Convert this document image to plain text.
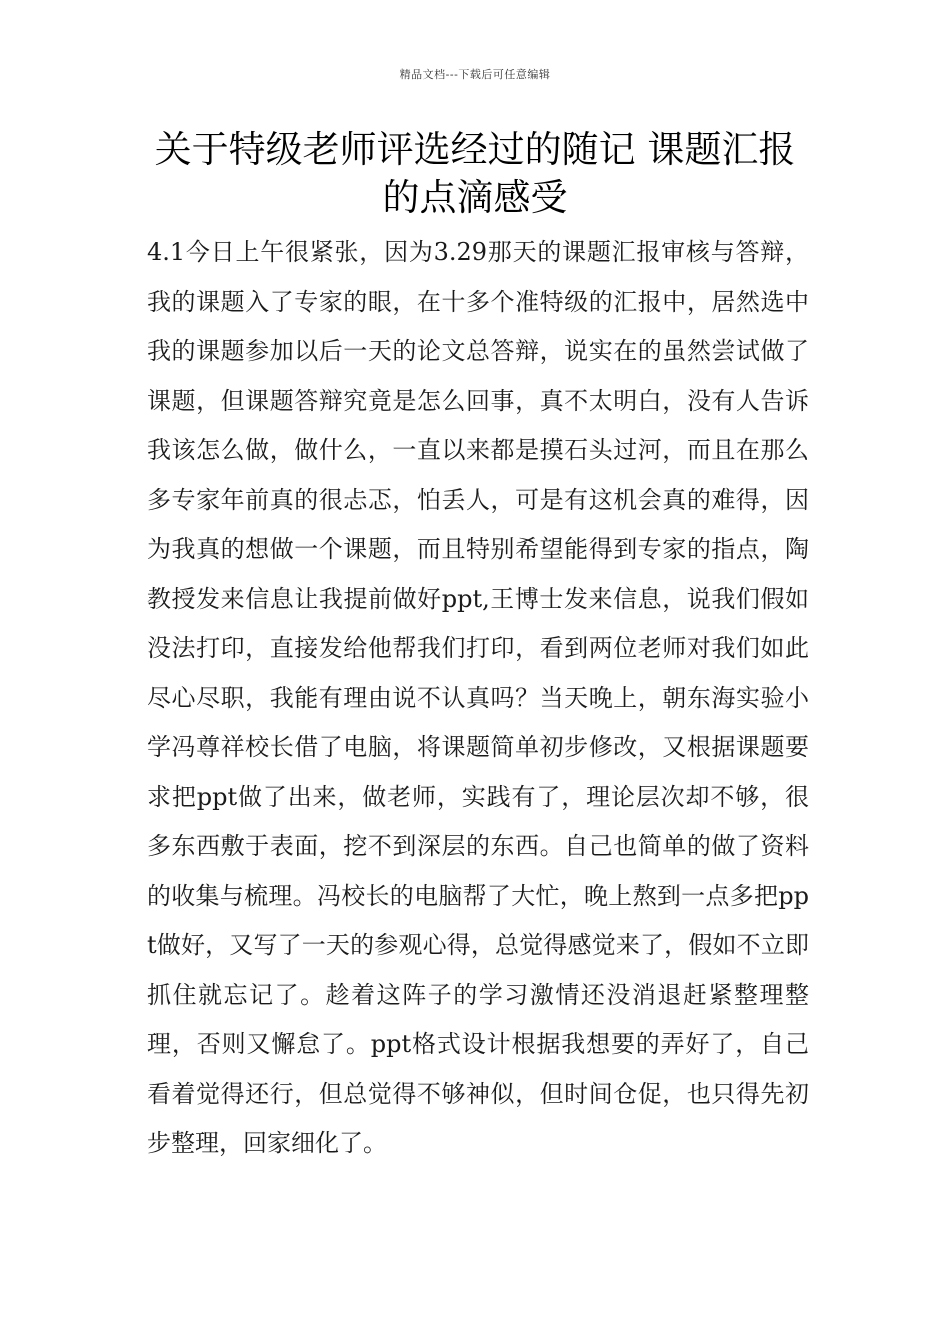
精品文档---下载后可任意编辑
关于特级老师评选经过的随记 课题汇报的点滴感受

4.1今日上午很紧张，因为3.29那天的课题汇报审核与答辩，我的课题入了专家的眼，在十多个准特级的汇报中，居然选中我的课题参加以后一天的论文总答辩，说实在的虽然尝试做了课题，但课题答辩究竟是怎么回事，真不太明白，没有人告诉我该怎么做，做什么，一直以来都是摸石头过河，而且在那么多专家年前真的很忐忑，怕丢人，可是有这机会真的难得，因为我真的想做一个课题，而且特别希望能得到专家的指点，陶教授发来信息让我提前做好ppt,王博士发来信息，说我们假如没法打印，直接发给他帮我们打印，看到两位老师对我们如此尽心尽职，我能有理由说不认真吗？当天晚上，朝东海实验小学冯尊祥校长借了电脑，将课题简单初步修改，又根据课题要求把ppt做了出来，做老师，实践有了，理论层次却不够，很多东西敷于表面，挖不到深层的东西。自己也简单的做了资料的收集与梳理。冯校长的电脑帮了大忙，晚上熬到一点多把ppt做好，又写了一天的参观心得，总觉得感觉来了，假如不立即抓住就忘记了。趁着这阵子的学习激情还没消退赶紧整理整理，否则又懈怠了。ppt格式设计根据我想要的弄好了，自己看着觉得还行，但总觉得不够神似，但时间仓促，也只得先初步整理，回家细化了。
